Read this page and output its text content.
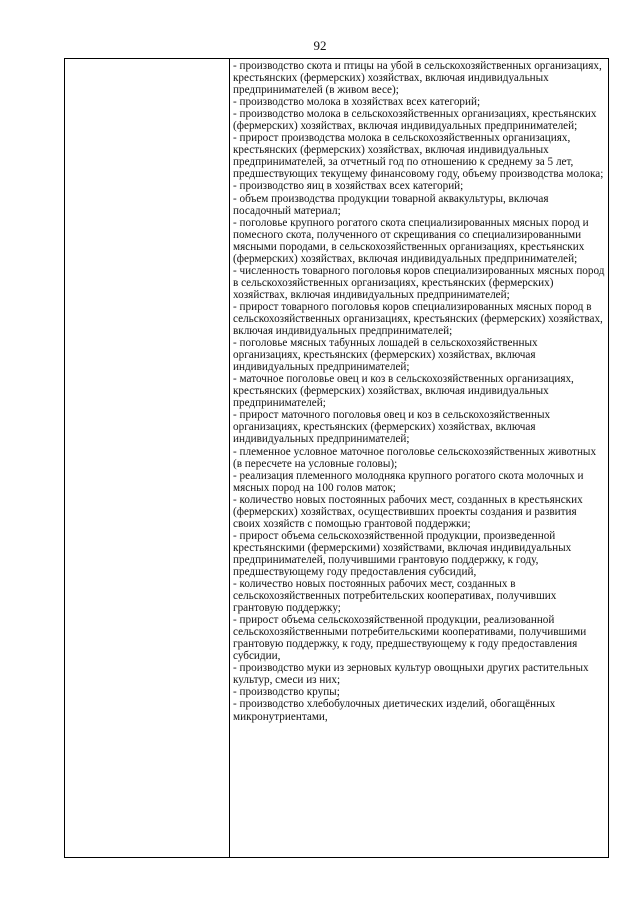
92

- производство скота и птицы на убой в сельскохозяйственных организациях, крестьянских (фермерских) хозяйствах, включая индивидуальных предпринимателей (в живом весе);

- производство молока в хозяйствах всех категорий;

- производство молока в сельскохозяйственных организациях, крестьянских (фермерских) хозяйствах, включая индивидуальных предпринимателей;

- прирост производства молока в сельскохозяйственных организациях, крестьянских (фермерских) хозяйствах, включая индивидуальных предпринимателей, за отчетный год по отношению к среднему за 5 лет, предшествующих текущему финансовому году, объему производства молока;

- производство яиц в хозяйствах всех категорий;

- объем производства продукции товарной аквакультуры, включая посадочный материал;

- поголовье крупного рогатого скота специализированных мясных пород и помесного скота, полученного от скрещивания со специализированными мясными породами, в сельскохозяйственных организациях, крестьянских (фермерских) хозяйствах, включая индивидуальных предпринимателей;

- численность товарного поголовья коров специализированных мясных пород в сельскохозяйственных организациях, крестьянских (фермерских) хозяйствах, включая индивидуальных предпринимателей;

- прирост товарного поголовья коров специализированных мясных пород в сельскохозяйственных организациях, крестьянских (фермерских) хозяйствах, включая индивидуальных предпринимателей;

- поголовье мясных табунных лошадей в сельскохозяйственных организациях, крестьянских (фермерских) хозяйствах, включая индивидуальных предпринимателей;

- маточное поголовье овец и коз в сельскохозяйственных организациях, крестьянских (фермерских) хозяйствах, включая индивидуальных предпринимателей;

- прирост маточного поголовья овец и коз в сельскохозяйственных организациях, крестьянских (фермерских) хозяйствах, включая индивидуальных предпринимателей;

- племенное условное маточное поголовье сельскохозяйственных животных (в пересчете на условные головы);

- реализация племенного молодняка крупного рогатого скота молочных и мясных пород на 100 голов маток;

- количество новых постоянных рабочих мест, созданных в крестьянских (фермерских) хозяйствах, осуществивших проекты создания и развития своих хозяйств с помощью грантовой поддержки;

- прирост объема сельскохозяйственной продукции, произведенной крестьянскими (фермерскими) хозяйствами, включая индивидуальных предпринимателей, получившими грантовую поддержку, к году, предшествующему году предоставления субсидий,

- количество новых постоянных рабочих мест, созданных в сельскохозяйственных потребительских кооперативах, получивших грантовую поддержку;

- прирост объема сельскохозяйственной продукции, реализованной сельскохозяйственными потребительскими кооперативами, получившими грантовую поддержку, к году, предшествующему к году предоставления субсидии,

- производство муки из зерновых культур овощныхи других растительных культур, смеси из них;

- производство крупы;

- производство хлебобулочных диетических изделий, обогащённых микронутриентами,
